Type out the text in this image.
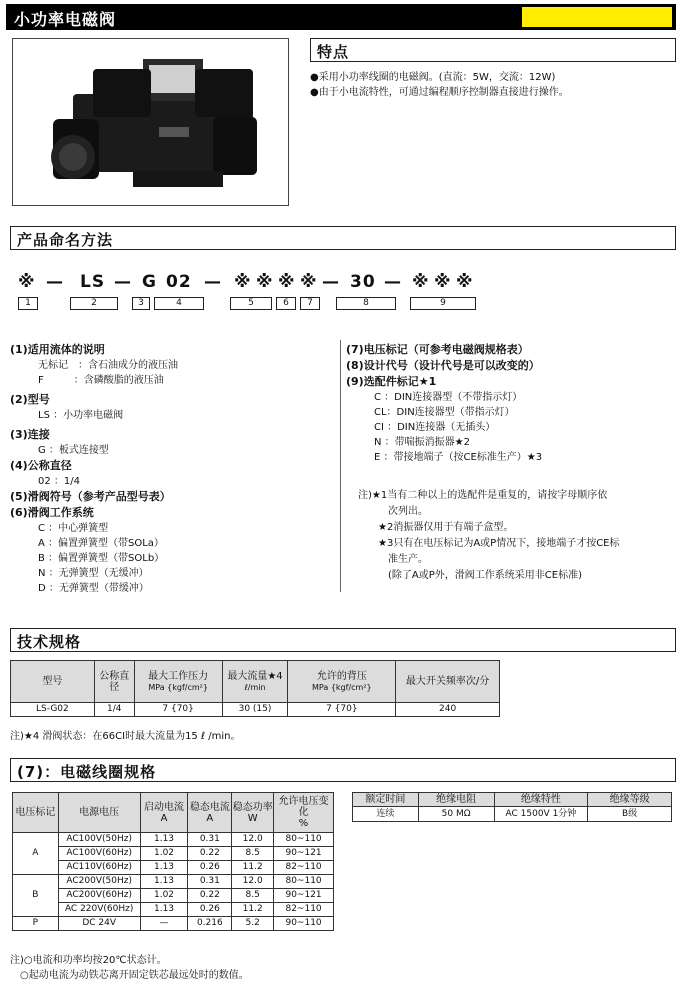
小功率电磁阀
特点
●采用小功率线圈的电磁阀。(直流：5W，交流：12W)
●由于小电流特性，可通过编程顺序控制器直接进行操作。
产品命名方法
※ — LS — G 02 — ※ ※ ※ ※ — 30 — ※ ※ ※
1	2	3	4	5	6	7	8	9
(1)适用流体的说明
无标记　：含石油成分的液压油
F　　　：含磷酸脂的液压油
(2)型号
LS ：小功率电磁阀
(3)连接
G ：板式连接型
(4)公称直径
02 ：1/4
(5)滑阀符号（参考产品型号表）
(6)滑阀工作系统
C ：中心弹簧型
A ：偏置弹簧型（带SOLa）
B ：偏置弹簧型（带SOLb）
N ：无弹簧型（无缓冲）
D ：无弹簧型（带缓冲）
(7)电压标记（可参考电磁阀规格表）
(8)设计代号（设计代号是可以改变的）
(9)选配件标记★1
C ：DIN连接器型（不带指示灯）
CL：DIN连接器型（带指示灯）
CI ：DIN连接器（无插头）
N ：带喘振消振器★2
E ：带接地端子（按CE标准生产）★3
注)★1当有二种以上的选配件是重复的，请按字母顺序依
　　　次列出。
　　★2消振器仅用于有端子盒型。
　　★3只有在电压标记为A或P情况下，接地端子才按CE标
　　　准生产。
　　　(除了A或P外，滑阀工作系统采用非CE标准)
技术规格
型号	公称直径	最大工作压力
MPa {kgf/cm²}	最大流量★4
ℓ/min	允许的背压
MPa {kgf/cm²}	最大开关频率次/分
LS-G02	1/4	7 {70}	30 (15)	7 {70}	240
注)★4 滑阀状态：在66CI时最大流量为15 ℓ /min。
(7)：电磁线圈规格
电压标记	电源电压	启动电流
A	稳态电流
A	稳态功率
W	允许电压变化
%
A	AC100V(50Hz)	1.13	0.31	12.0	80~110
	AC100V(60Hz)	1.02	0.22	8.5	90~121
	AC110V(60Hz)	1.13	0.26	11.2	82~110
B	AC200V(50Hz)	1.13	0.31	12.0	80~110
	AC200V(60Hz)	1.02	0.22	8.5	90~121
	AC 220V(60Hz)	1.13	0.26	11.2	82~110
P	DC 24V	—	0.216	5.2	90~110
额定时间	绝缘电阻	绝缘特性	绝缘等级
连续	50 MΩ	AC 1500V 1分钟	B级
注)○电流和功率均按20℃状态计。
　○起动电流为动铁芯离开固定铁芯最远处时的数值。
